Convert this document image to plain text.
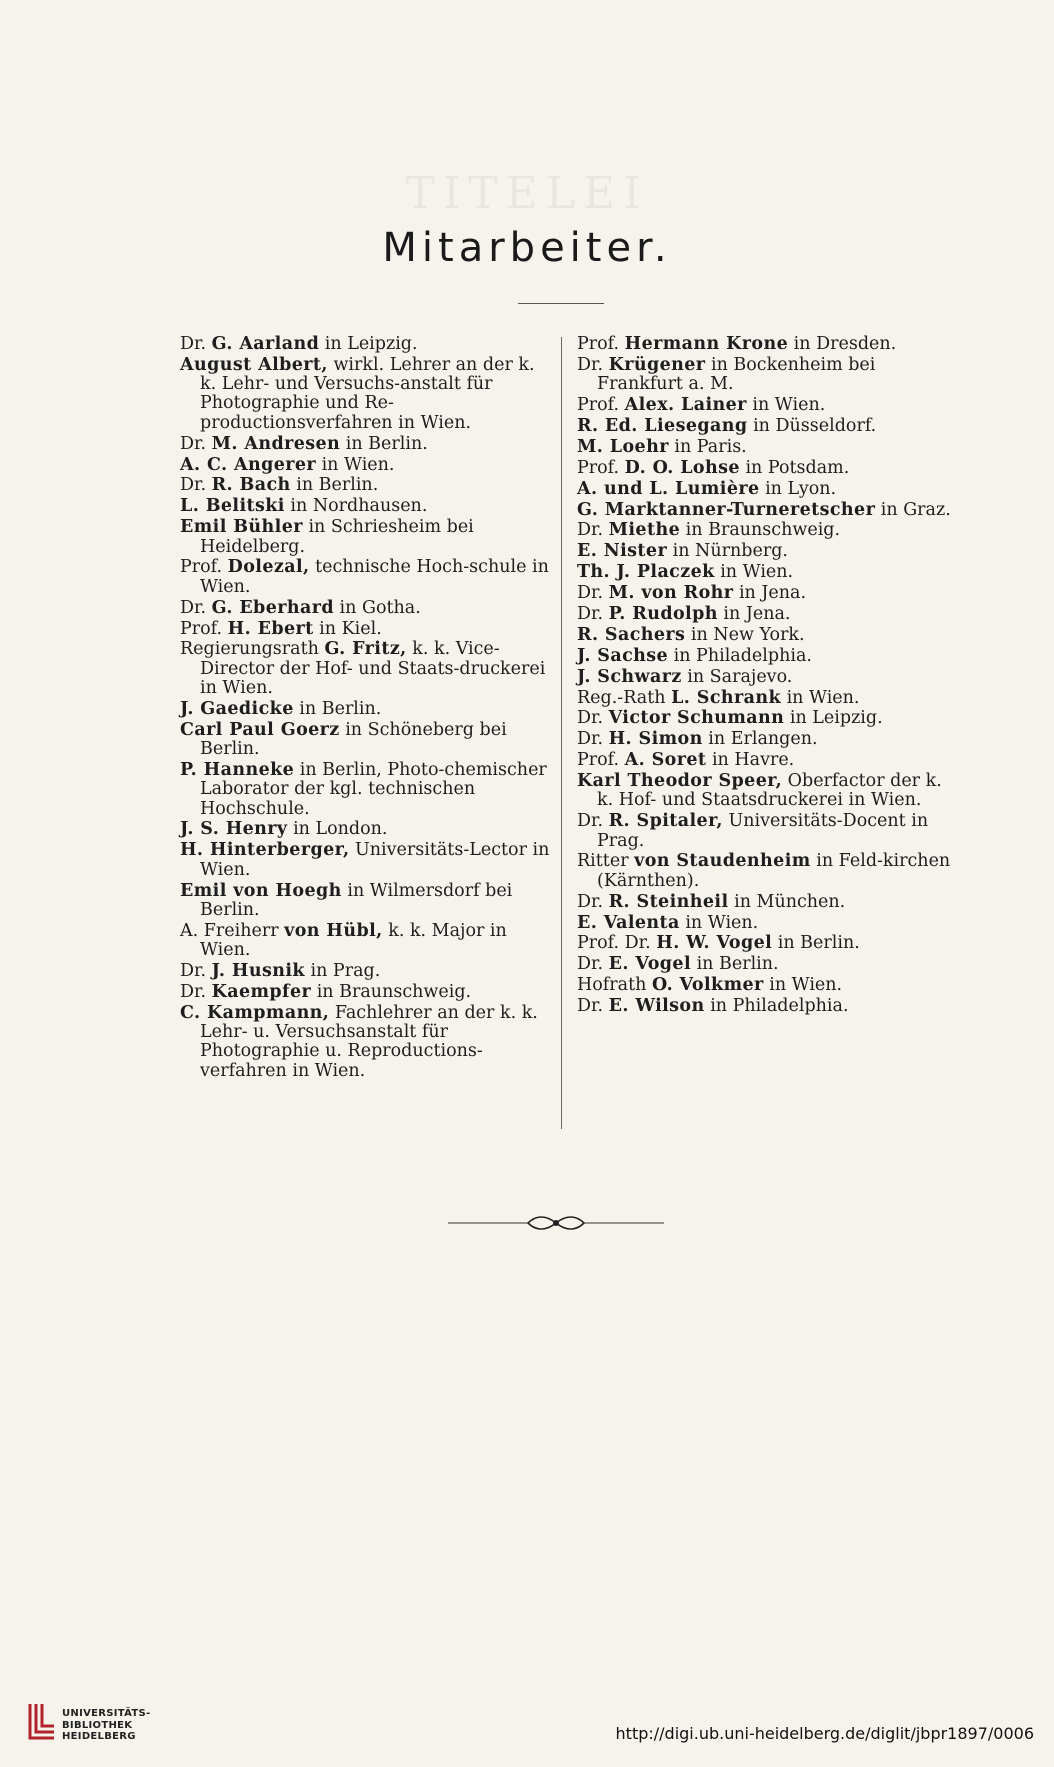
TITELEI
Mitarbeiter.
Dr. G. Aarland in Leipzig.
August Albert, wirkl. Lehrer an der k. k. Lehr- und Versuchs-anstalt für Photographie und Re-productionsverfahren in Wien.
Dr. M. Andresen in Berlin.
A. C. Angerer in Wien.
Dr. R. Bach in Berlin.
L. Belitski in Nordhausen.
Emil Bühler in Schriesheim bei Heidelberg.
Prof. Dolezal, technische Hoch-schule in Wien.
Dr. G. Eberhard in Gotha.
Prof. H. Ebert in Kiel.
Regierungsrath G. Fritz, k. k. Vice-Director der Hof- und Staats-druckerei in Wien.
J. Gaedicke in Berlin.
Carl Paul Goerz in Schöneberg bei Berlin.
P. Hanneke in Berlin, Photo-chemischer Laborator der kgl. technischen Hochschule.
J. S. Henry in London.
H. Hinterberger, Universitäts-Lector in Wien.
Emil von Hoegh in Wilmersdorf bei Berlin.
A. Freiherr von Hübl, k. k. Major in Wien.
Dr. J. Husnik in Prag.
Dr. Kaempfer in Braunschweig.
C. Kampmann, Fachlehrer an der k. k. Lehr- u. Versuchsanstalt für Photographie u. Reproductions-verfahren in Wien.
Prof. Hermann Krone in Dresden.
Dr. Krügener in Bockenheim bei Frankfurt a. M.
Prof. Alex. Lainer in Wien.
R. Ed. Liesegang in Düsseldorf.
M. Loehr in Paris.
Prof. D. O. Lohse in Potsdam.
A. und L. Lumière in Lyon.
G. Marktanner-Turneretscher in Graz.
Dr. Miethe in Braunschweig.
E. Nister in Nürnberg.
Th. J. Placzek in Wien.
Dr. M. von Rohr in Jena.
Dr. P. Rudolph in Jena.
R. Sachers in New York.
J. Sachse in Philadelphia.
J. Schwarz in Sarajevo.
Reg.-Rath L. Schrank in Wien.
Dr. Victor Schumann in Leipzig.
Dr. H. Simon in Erlangen.
Prof. A. Soret in Havre.
Karl Theodor Speer, Oberfactor der k. k. Hof- und Staatsdruckerei in Wien.
Dr. R. Spitaler, Universitäts-Docent in Prag.
Ritter von Staudenheim in Feld-kirchen (Kärnthen).
Dr. R. Steinheil in München.
E. Valenta in Wien.
Prof. Dr. H. W. Vogel in Berlin.
Dr. E. Vogel in Berlin.
Hofrath O. Volkmer in Wien.
Dr. E. Wilson in Philadelphia.
UNIVERSITÄTS-
BIBLIOTHEK
HEIDELBERG	http://digi.ub.uni-heidelberg.de/diglit/jbpr1897/0006
